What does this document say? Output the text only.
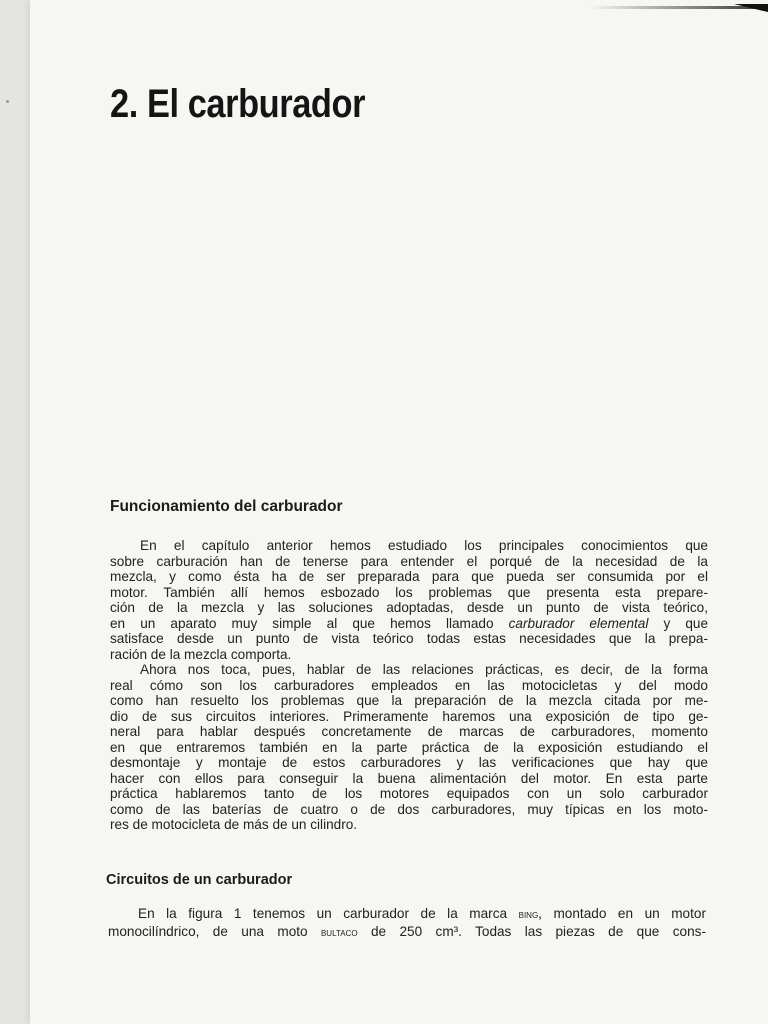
2. El carburador
Funcionamiento del carburador
En el capítulo anterior hemos estudiado los principales conocimientos que
sobre carburación han de tenerse para entender el porqué de la necesidad de la
mezcla, y como ésta ha de ser preparada para que pueda ser consumida por el
motor. También allí hemos esbozado los problemas que presenta esta prepare-
ción de la mezcla y las soluciones adoptadas, desde un punto de vista teórico,
en un aparato muy simple al que hemos llamado carburador elemental y que
satisface desde un punto de vista teórico todas estas necesidades que la prepa-
ración de la mezcla comporta.
Ahora nos toca, pues, hablar de las relaciones prácticas, es decir, de la forma
real cómo son los carburadores empleados en las motocicletas y del modo
como han resuelto los problemas que la preparación de la mezcla citada por me-
dio de sus circuitos interiores. Primeramente haremos una exposición de tipo ge-
neral para hablar después concretamente de marcas de carburadores, momento
en que entraremos también en la parte práctica de la exposición estudiando el
desmontaje y montaje de estos carburadores y las verificaciones que hay que
hacer con ellos para conseguir la buena alimentación del motor. En esta parte
práctica hablaremos tanto de los motores equipados con un solo carburador
como de las baterías de cuatro o de dos carburadores, muy típicas en los moto-
res de motocicleta de más de un cilindro.
Circuitos de un carburador
En la figura 1 tenemos un carburador de la marca bing, montado en un motor
monocilíndrico, de una moto bultaco de 250 cm³. Todas las piezas de que cons-
